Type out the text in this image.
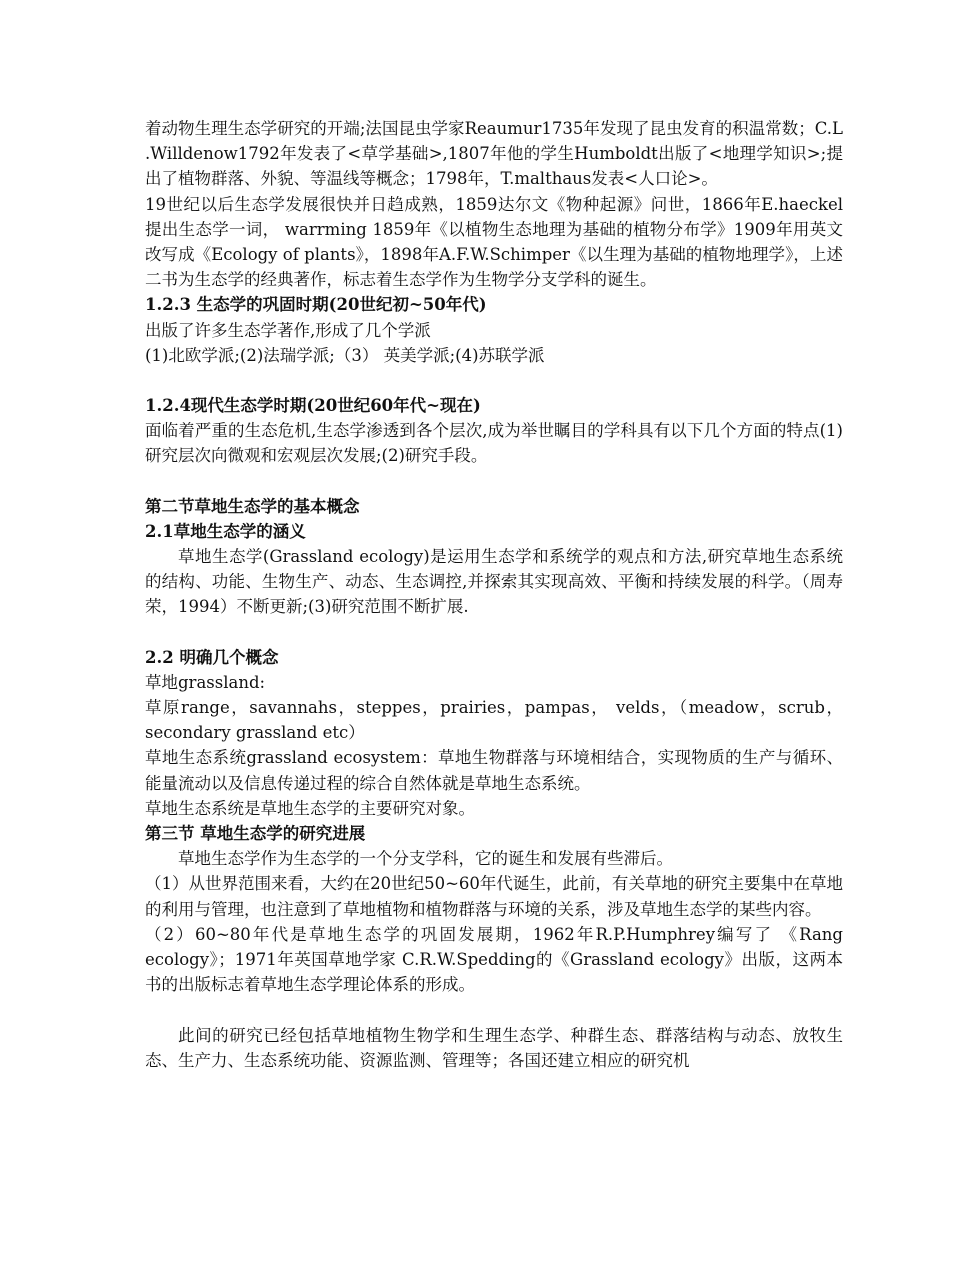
着动物生理生态学研究的开端;法国昆虫学家Reaumur1735年发现了昆虫发育的积温常数；C.L .Willdenow1792年发表了<草学基础>,1807年他的学生Humboldt出版了<地理学知识>;提出了植物群落、外貌、等温线等概念；1798年，T.malthaus发表<人口论>。

19世纪以后生态学发展很快并日趋成熟，1859达尔文《物种起源》问世，1866年E.haeckel提出生态学一词， warrming 1859年《以植物生态地理为基础的植物分布学》1909年用英文改写成《Ecology of plants》，1898年A.F.W.Schimper《以生理为基础的植物地理学》，上述二书为生态学的经典著作，标志着生态学作为生物学分支学科的诞生。

1.2.3 生态学的巩固时期(20世纪初~50年代)

出版了许多生态学著作,形成了几个学派

(1)北欧学派;(2)法瑞学派;（3） 英美学派;(4)苏联学派

1.2.4现代生态学时期(20世纪60年代~现在)

面临着严重的生态危机,生态学渗透到各个层次,成为举世瞩目的学科具有以下几个方面的特点(1)研究层次向微观和宏观层次发展;(2)研究手段。

第二节草地生态学的基本概念

2.1草地生态学的涵义

草地生态学(Grassland ecology)是运用生态学和系统学的观点和方法,研究草地生态系统的结构、功能、生物生产、动态、生态调控,并探索其实现高效、平衡和持续发展的科学。（周寿荣，1994）不断更新;(3)研究范围不断扩展.

2.2 明确几个概念

草地grassland:

草原range，savannahs，steppes，prairies，pampas， velds，（meadow，scrub，secondary grassland etc）

草地生态系统grassland ecosystem：草地生物群落与环境相结合，实现物质的生产与循环、能量流动以及信息传递过程的综合自然体就是草地生态系统。

草地生态系统是草地生态学的主要研究对象。

第三节 草地生态学的研究进展

草地生态学作为生态学的一个分支学科，它的诞生和发展有些滞后。

（1）从世界范围来看，大约在20世纪50~60年代诞生，此前，有关草地的研究主要集中在草地的利用与管理，也注意到了草地植物和植物群落与环境的关系，涉及草地生态学的某些内容。

（2）60~80年代是草地生态学的巩固发展期，1962年R.P.Humphrey编写了 《Rang ecology》；1971年英国草地学家 C.R.W.Spedding的《Grassland ecology》出版，这两本书的出版标志着草地生态学理论体系的形成。

此间的研究已经包括草地植物生物学和生理生态学、种群生态、群落结构与动态、放牧生态、生产力、生态系统功能、资源监测、管理等；各国还建立相应的研究机
